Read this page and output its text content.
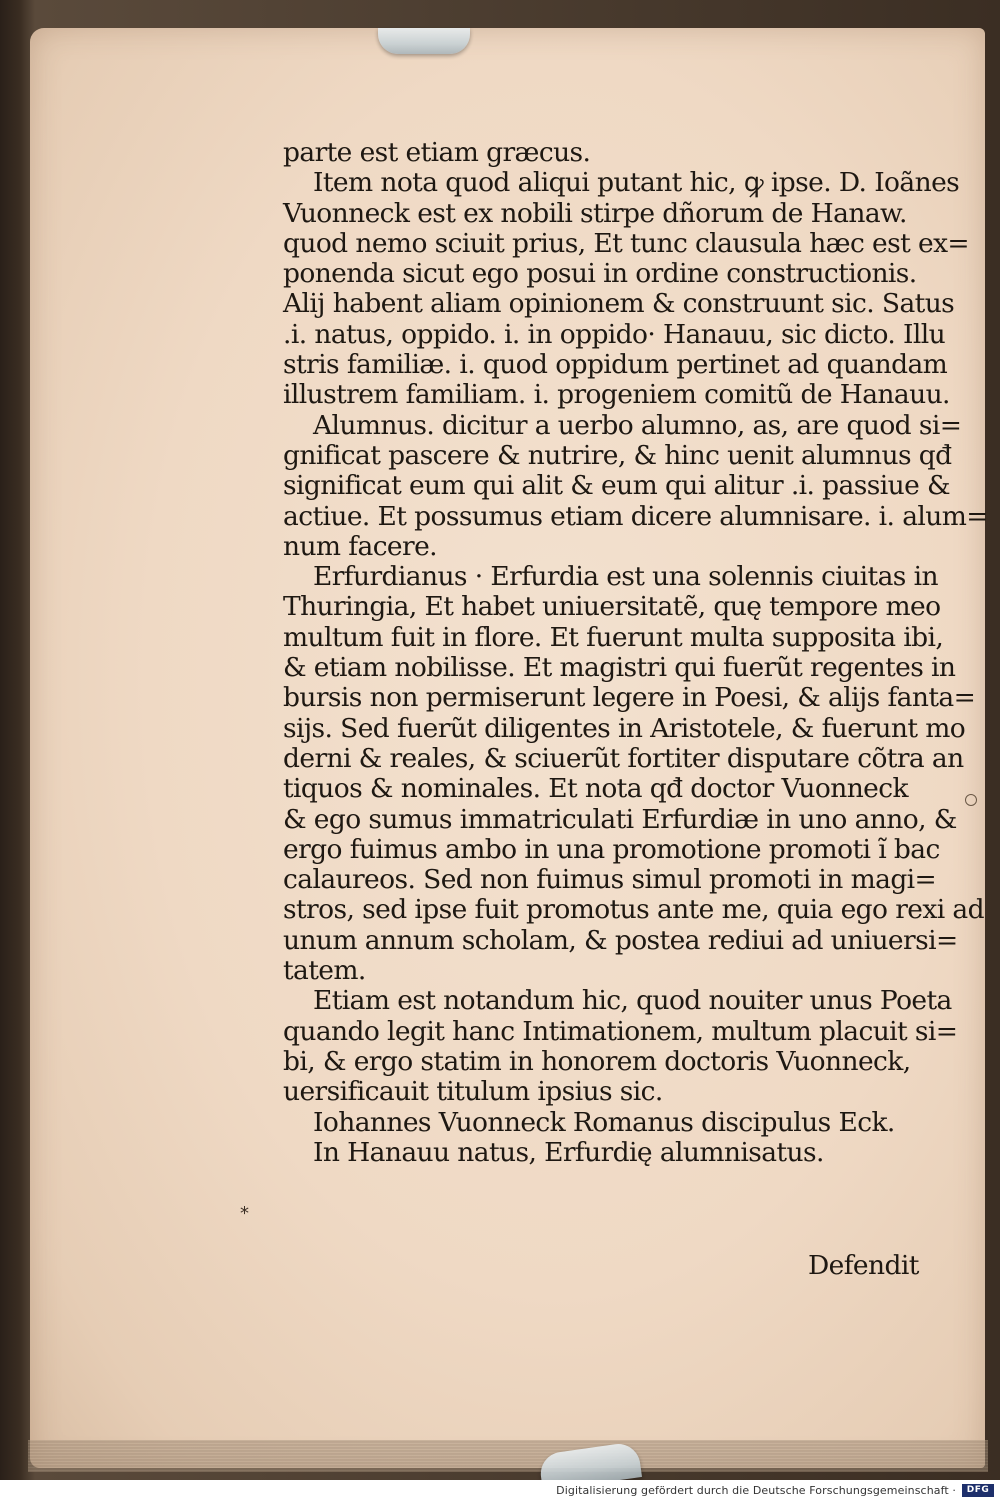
parte est etiam græcus.
Item nota quod aliqui putant hic, ꝙ ipse. D. Ioãnes
Vuonneck est ex nobili stirpe dñorum de Hanaw.
quod nemo sciuit prius, Et tunc clausula hæc est ex=
ponenda sicut ego posui in ordine constructionis.
Alij habent aliam opinionem & construunt sic. Satus
.i. natus, oppido. i. in oppido· Hanauu, sic dicto. Illu
stris familiæ. i. quod oppidum pertinet ad quandam
illustrem familiam. i. progeniem comitũ de Hanauu.
Alumnus. dicitur a uerbo alumno, as, are quod si=
gnificat pascere & nutrire, & hinc uenit alumnus qđ
significat eum qui alit & eum qui alitur .i. passiue &
actiue. Et possumus etiam dicere alumnisare. i. alum=
num facere.
Erfurdianus · Erfurdia est una solennis ciuitas in
Thuringia, Et habet uniuersitatẽ, quę tempore meo
multum fuit in flore. Et fuerunt multa supposita ibi,
& etiam nobilisse. Et magistri qui fuerũt regentes in
bursis non permiserunt legere in Poesi, & alijs fanta=
sijs. Sed fuerũt diligentes in Aristotele, & fuerunt mo
derni & reales, & sciuerũt fortiter disputare cõtra an
tiquos & nominales. Et nota qđ doctor Vuonneck
& ego sumus immatriculati Erfurdiæ in uno anno, &
ergo fuimus ambo in una promotione promoti ĩ bac
calaureos. Sed non fuimus simul promoti in magi=
stros, sed ipse fuit promotus ante me, quia ego rexi ad
unum annum scholam, & postea rediui ad uniuersi=
tatem.
Etiam est notandum hic, quod nouiter unus Poeta
quando legit hanc Intimationem, multum placuit si=
bi, & ergo statim in honorem doctoris Vuonneck,
uersificauit titulum ipsius sic.
Iohannes Vuonneck Romanus discipulus Eck.
In Hanauu natus, Erfurdię alumnisatus.
Defendit
*
Digitalisierung gefördert durch die Deutsche Forschungsgemeinschaft ·	DFG
